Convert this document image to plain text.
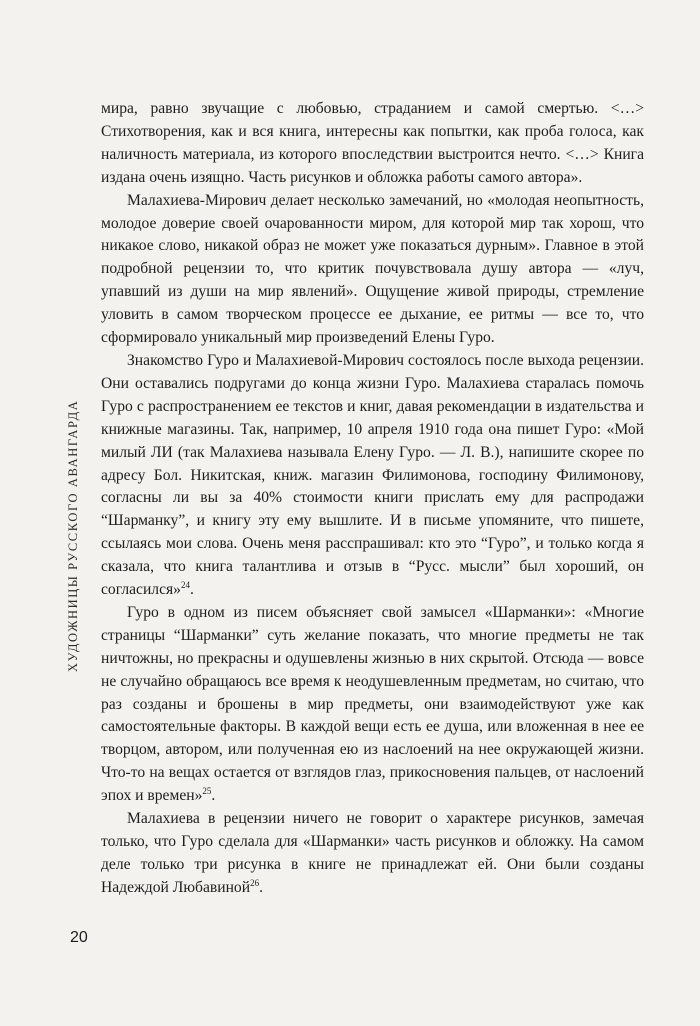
ХУДОЖНИЦЫ РУССКОГО АВАНГАРДА

мира, равно звучащие с любовью, страданием и самой смертью. <…> Стихотворения, как и вся книга, интересны как попытки, как проба голоса, как наличность материала, из которого впоследствии выстроится нечто. <…> Книга издана очень изящно. Часть рисунков и обложка работы самого автора».

Малахиева-Мирович делает несколько замечаний, но «молодая неопытность, молодое доверие своей очарованности миром, для которой мир так хорош, что никакое слово, никакой образ не может уже показаться дурным». Главное в этой подробной рецензии то, что критик почувствовала душу автора — «луч, упавший из души на мир явлений». Ощущение живой природы, стремление уловить в самом творческом процессе ее дыхание, ее ритмы — все то, что сформировало уникальный мир произведений Елены Гуро.

Знакомство Гуро и Малахиевой-Мирович состоялось после выхода рецензии. Они оставались подругами до конца жизни Гуро. Малахиева старалась помочь Гуро с распространением ее текстов и книг, давая рекомендации в издательства и книжные магазины. Так, например, 10 апреля 1910 года она пишет Гуро: «Мой милый ЛИ (так Малахиева называла Елену Гуро. — Л. В.), напишите скорее по адресу Бол. Никитская, книж. магазин Филимонова, господину Филимонову, согласны ли вы за 40% стоимости книги прислать ему для распродажи “Шарманку”, и книгу эту ему вышлите. И в письме упомяните, что пишете, ссылаясь мои слова. Очень меня расспрашивал: кто это “Гуро”, и только когда я сказала, что книга талантлива и отзыв в “Русс. мысли” был хороший, он согласился»$^{24}$.

Гуро в одном из писем объясняет свой замысел «Шарманки»: «Многие страницы “Шарманки” суть желание показать, что многие предметы не так ничтожны, но прекрасны и одушевлены жизнью в них скрытой. Отсюда — вовсе не случайно обращаюсь все время к неодушевленным предметам, но считаю, что раз созданы и брошены в мир предметы, они взаимодействуют уже как самостоятельные факторы. В каждой вещи есть ее душа, или вложенная в нее ее творцом, автором, или полученная ею из наслоений на нее окружающей жизни. Что-то на вещах остается от взглядов глаз, прикосновения пальцев, от наслоений эпох и времен»$^{25}$.

Малахиева в рецензии ничего не говорит о характере рисунков, замечая только, что Гуро сделала для «Шарманки» часть рисунков и обложку. На самом деле только три рисунка в книге не принадлежат ей. Они были созданы Надеждой Любавиной$^{26}$.

20
